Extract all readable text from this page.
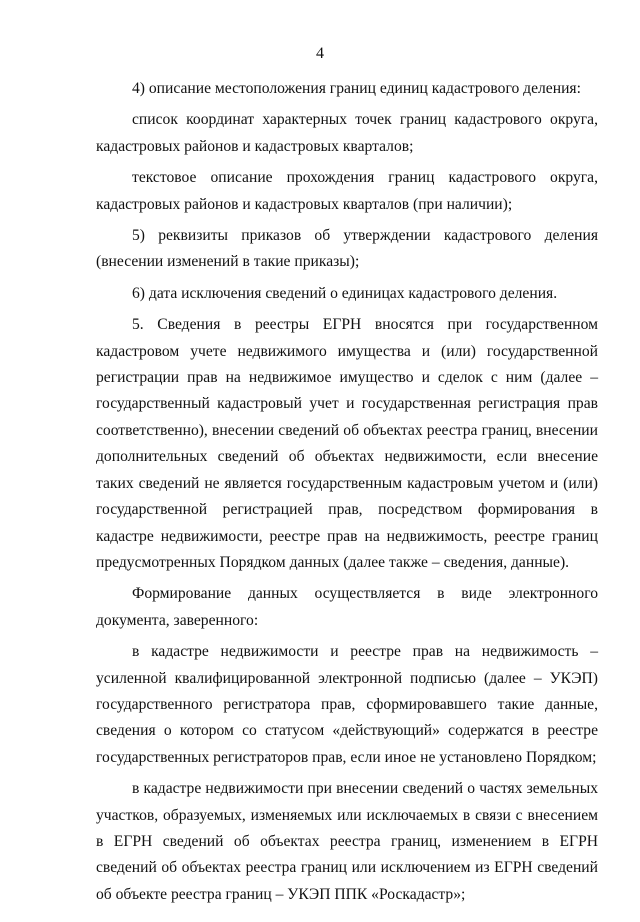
4

4) описание местоположения границ единиц кадастрового деления:

список координат характерных точек границ кадастрового округа, кадастровых районов и кадастровых кварталов;

текстовое описание прохождения границ кадастрового округа, кадастровых районов и кадастровых кварталов (при наличии);

5) реквизиты приказов об утверждении кадастрового деления (внесении изменений в такие приказы);

6) дата исключения сведений о единицах кадастрового деления.

5. Сведения в реестры ЕГРН вносятся при государственном кадастровом учете недвижимого имущества и (или) государственной регистрации прав на недвижимое имущество и сделок с ним (далее – государственный кадастровый учет и государственная регистрация прав соответственно), внесении сведений об объектах реестра границ, внесении дополнительных сведений об объектах недвижимости, если внесение таких сведений не является государственным кадастровым учетом и (или) государственной регистрацией прав, посредством формирования в кадастре недвижимости, реестре прав на недвижимость, реестре границ предусмотренных Порядком данных (далее также – сведения, данные).

Формирование данных осуществляется в виде электронного документа, заверенного:

в кадастре недвижимости и реестре прав на недвижимость – усиленной квалифицированной электронной подписью (далее – УКЭП) государственного регистратора прав, сформировавшего такие данные, сведения о котором со статусом «действующий» содержатся в реестре государственных регистраторов прав, если иное не установлено Порядком;

в кадастре недвижимости при внесении сведений о частях земельных участков, образуемых, изменяемых или исключаемых в связи с внесением в ЕГРН сведений об объектах реестра границ, изменением в ЕГРН сведений об объектах реестра границ или исключением из ЕГРН сведений об объекте реестра границ – УКЭП ППК «Роскадастр»;
